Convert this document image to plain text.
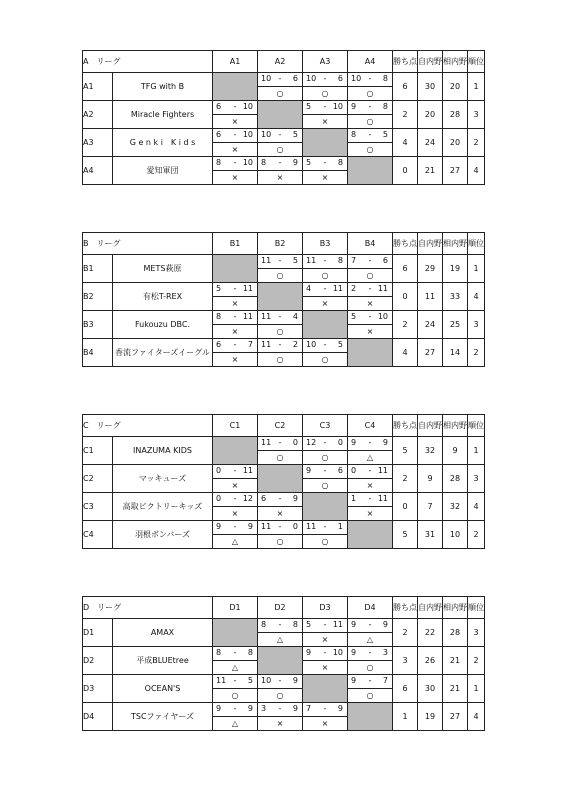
A　リーグ		A1	A2	A3	A4	勝ち点	自内野	相内野	順位
A1	TFG with B		10 - 6	10 - 6	10 - 8	6	30	20	1
			○	○	○				
A2	Miracle Fighters	6 - 10		5 - 10	9 - 8	2	20	28	3
		×		×	○				
A3	G e n k i　K i d s	6 - 10	10 - 5		8 - 5	4	24	20	2
		×	○		○				
A4	愛知軍団	8 - 10	8 - 9	5 - 8		0	21	27	4
		×	×	×					
B　リーグ		B1	B2	B3	B4	勝ち点	自内野	相内野	順位
B1	METS萩原		11 - 5	11 - 8	7 - 6	6	29	19	1
			○	○	○				
B2	有松T-REX	5 - 11		4 - 11	2 - 11	0	11	33	4
		×		×	×				
B3	Fukouzu DBC.	8 - 11	11 - 4		5 - 10	2	24	25	3
		×	○		×				
B4	香流ファイターズイーグル	6 - 7	11 - 2	10 - 5		4	27	14	2
		×	○	○					
C　リーグ		C1	C2	C3	C4	勝ち点	自内野	相内野	順位
C1	INAZUMA KIDS		11 - 0	12 - 0	9 - 9	5	32	9	1
			○	○	△				
C2	マッキューズ	0 - 11		9 - 6	0 - 11	2	9	28	3
		×		○	×				
C3	高取ビクトリーキッズ	0 - 12	6 - 9		1 - 11	0	7	32	4
		×	×		×				
C4	羽根ボンバーズ	9 - 9	11 - 0	11 - 1		5	31	10	2
		△	○	○					
D　リーグ		D1	D2	D3	D4	勝ち点	自内野	相内野	順位
D1	AMAX		8 - 8	5 - 11	9 - 9	2	22	28	3
			△	×	△				
D2	平成BLUEtree	8 - 8		9 - 10	9 - 3	3	26	21	2
		△		×	○				
D3	OCEAN'S	11 - 5	10 - 9		9 - 7	6	30	21	1
		○	○		○				
D4	TSCファイヤーズ	9 - 9	3 - 9	7 - 9		1	19	27	4
		△	×	×					
